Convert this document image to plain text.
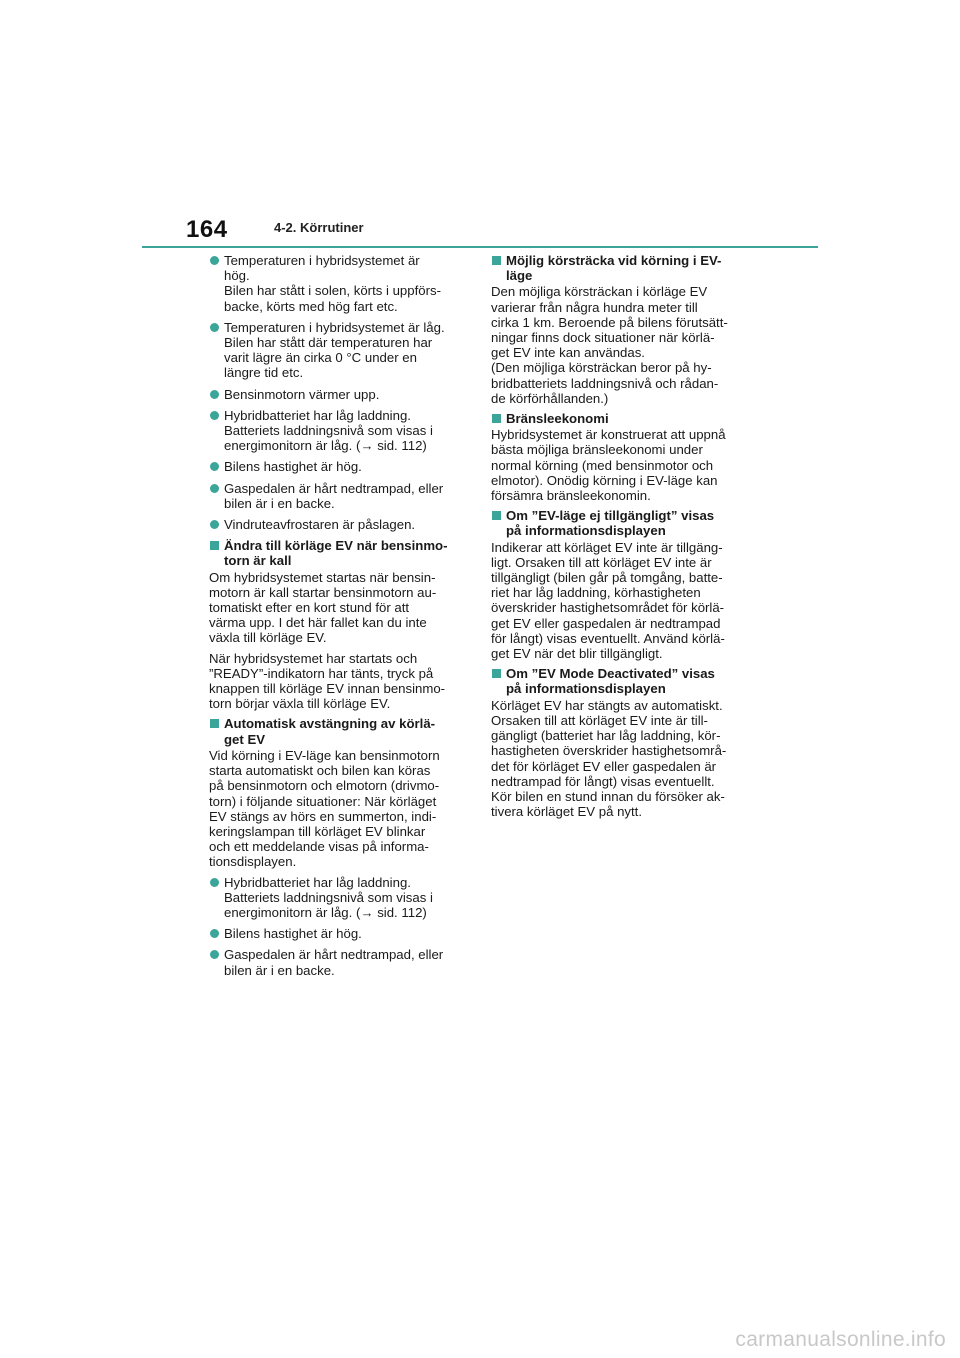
164	4-2. Körrutiner
Temperaturen i hybridsystemet är
hög.
Bilen har stått i solen, körts i uppförs-
backe, körts med hög fart etc.
Temperaturen i hybridsystemet är låg.
Bilen har stått där temperaturen har
varit lägre än cirka 0 °C under en
längre tid etc.
Bensinmotorn värmer upp.
Hybridbatteriet har låg laddning.
Batteriets laddningsnivå som visas i
energimonitorn är låg. (→ sid. 112)
Bilens hastighet är hög.
Gaspedalen är hårt nedtrampad, eller
bilen är i en backe.
Vindruteavfrostaren är påslagen.
Ändra till körläge EV när bensinmo-
torn är kall
Om hybridsystemet startas när bensin-
motorn är kall startar bensinmotorn au-
tomatiskt efter en kort stund för att
värma upp. I det här fallet kan du inte
växla till körläge EV.
När hybridsystemet har startats och
”READY”-indikatorn har tänts, tryck på
knappen till körläge EV innan bensinmo-
torn börjar växla till körläge EV.
Automatisk avstängning av körlä-
get EV
Vid körning i EV-läge kan bensinmotorn
starta automatiskt och bilen kan köras
på bensinmotorn och elmotorn (drivmo-
torn) i följande situationer: När körläget
EV stängs av hörs en summerton, indi-
keringslampan till körläget EV blinkar
och ett meddelande visas på informa-
tionsdisplayen.
Hybridbatteriet har låg laddning.
Batteriets laddningsnivå som visas i
energimonitorn är låg. (→ sid. 112)
Bilens hastighet är hög.
Gaspedalen är hårt nedtrampad, eller
bilen är i en backe.
Möjlig körsträcka vid körning i EV-
läge
Den möjliga körsträckan i körläge EV
varierar från några hundra meter till
cirka 1 km. Beroende på bilens förutsätt-
ningar finns dock situationer när körlä-
get EV inte kan användas.
(Den möjliga körsträckan beror på hy-
bridbatteriets laddningsnivå och rådan-
de körförhållanden.)
Bränsleekonomi
Hybridsystemet är konstruerat att uppnå
bästa möjliga bränsleekonomi under
normal körning (med bensinmotor och
elmotor). Onödig körning i EV-läge kan
försämra bränsleekonomin.
Om ”EV-läge ej tillgängligt” visas
på informationsdisplayen
Indikerar att körläget EV inte är tillgäng-
ligt. Orsaken till att körläget EV inte är
tillgängligt (bilen går på tomgång, batte-
riet har låg laddning, körhastigheten
överskrider hastighetsområdet för körlä-
get EV eller gaspedalen är nedtrampad
för långt) visas eventuellt. Använd körlä-
get EV när det blir tillgängligt.
Om ”EV Mode Deactivated” visas
på informationsdisplayen
Körläget EV har stängts av automatiskt.
Orsaken till att körläget EV inte är till-
gängligt (batteriet har låg laddning, kör-
hastigheten överskrider hastighetsområ-
det för körläget EV eller gaspedalen är
nedtrampad för långt) visas eventuellt.
Kör bilen en stund innan du försöker ak-
tivera körläget EV på nytt.
carmanualsonline.info
